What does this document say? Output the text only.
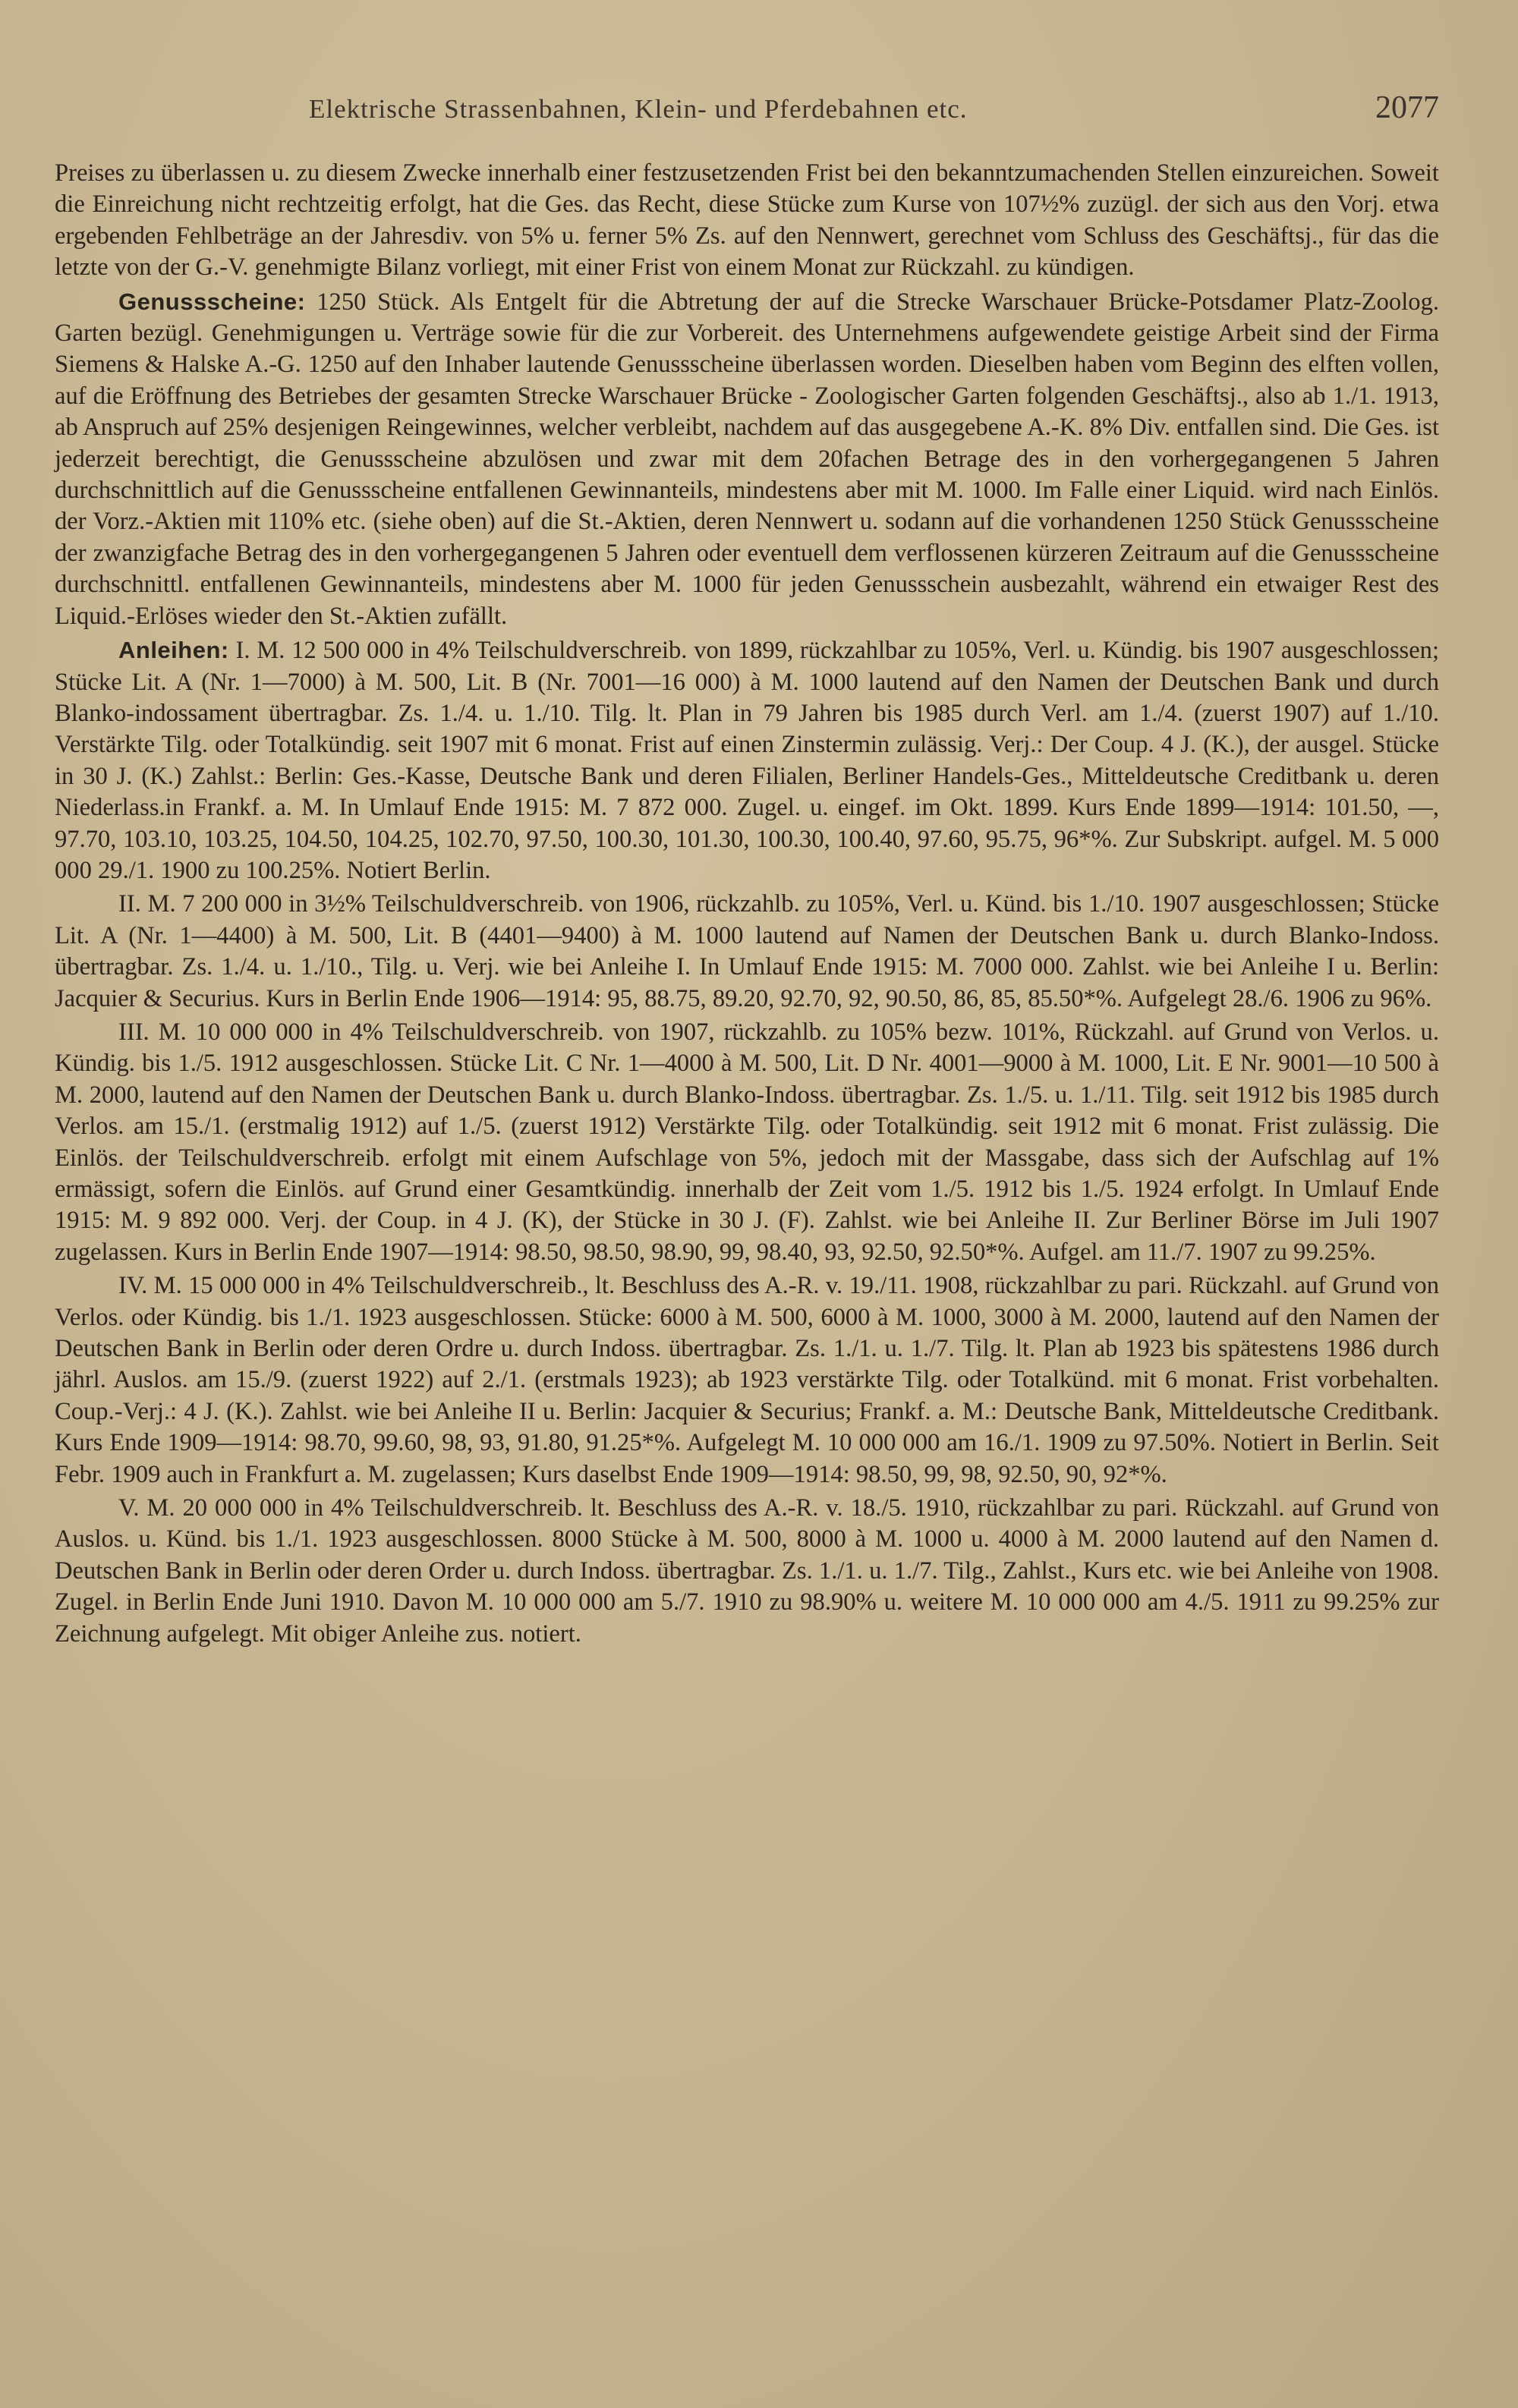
Elektrische Strassenbahnen, Klein- und Pferdebahnen etc.	2077

Preises zu überlassen u. zu diesem Zwecke innerhalb einer festzusetzenden Frist bei den bekanntzumachenden Stellen einzureichen. Soweit die Einreichung nicht rechtzeitig erfolgt, hat die Ges. das Recht, diese Stücke zum Kurse von 107½% zuzügl. der sich aus den Vorj. etwa ergebenden Fehlbeträge an der Jahresdiv. von 5% u. ferner 5% Zs. auf den Nennwert, gerechnet vom Schluss des Geschäftsj., für das die letzte von der G.-V. genehmigte Bilanz vorliegt, mit einer Frist von einem Monat zur Rückzahl. zu kündigen.

Genussscheine: 1250 Stück. Als Entgelt für die Abtretung der auf die Strecke Warschauer Brücke-Potsdamer Platz-Zoolog. Garten bezügl. Genehmigungen u. Verträge sowie für die zur Vorbereit. des Unternehmens aufgewendete geistige Arbeit sind der Firma Siemens & Halske A.-G. 1250 auf den Inhaber lautende Genussscheine überlassen worden. Dieselben haben vom Beginn des elften vollen, auf die Eröffnung des Betriebes der gesamten Strecke Warschauer Brücke - Zoologischer Garten folgenden Geschäftsj., also ab 1./1. 1913, ab Anspruch auf 25% desjenigen Reingewinnes, welcher verbleibt, nachdem auf das ausgegebene A.-K. 8% Div. entfallen sind. Die Ges. ist jederzeit berechtigt, die Genussscheine abzulösen und zwar mit dem 20fachen Betrage des in den vorhergegangenen 5 Jahren durchschnittlich auf die Genussscheine entfallenen Gewinnanteils, mindestens aber mit M. 1000. Im Falle einer Liquid. wird nach Einlös. der Vorz.-Aktien mit 110% etc. (siehe oben) auf die St.-Aktien, deren Nennwert u. sodann auf die vorhandenen 1250 Stück Genussscheine der zwanzigfache Betrag des in den vorhergegangenen 5 Jahren oder eventuell dem verflossenen kürzeren Zeitraum auf die Genussscheine durchschnittl. entfallenen Gewinnanteils, mindestens aber M. 1000 für jeden Genussschein ausbezahlt, während ein etwaiger Rest des Liquid.-Erlöses wieder den St.-Aktien zufällt.

Anleihen: I. M. 12 500 000 in 4% Teilschuldverschreib. von 1899, rückzahlbar zu 105%, Verl. u. Kündig. bis 1907 ausgeschlossen; Stücke Lit. A (Nr. 1—7000) à M. 500, Lit. B (Nr. 7001—16 000) à M. 1000 lautend auf den Namen der Deutschen Bank und durch Blanko-indossament übertragbar. Zs. 1./4. u. 1./10. Tilg. lt. Plan in 79 Jahren bis 1985 durch Verl. am 1./4. (zuerst 1907) auf 1./10. Verstärkte Tilg. oder Totalkündig. seit 1907 mit 6 monat. Frist auf einen Zinstermin zulässig. Verj.: Der Coup. 4 J. (K.), der ausgel. Stücke in 30 J. (K.) Zahlst.: Berlin: Ges.-Kasse, Deutsche Bank und deren Filialen, Berliner Handels-Ges., Mitteldeutsche Creditbank u. deren Niederlass.in Frankf. a. M. In Umlauf Ende 1915: M. 7 872 000. Zugel. u. eingef. im Okt. 1899. Kurs Ende 1899—1914: 101.50, —, 97.70, 103.10, 103.25, 104.50, 104.25, 102.70, 97.50, 100.30, 101.30, 100.30, 100.40, 97.60, 95.75, 96*%. Zur Subskript. aufgel. M. 5 000 000 29./1. 1900 zu 100.25%. Notiert Berlin.

II. M. 7 200 000 in 3½% Teilschuldverschreib. von 1906, rückzahlb. zu 105%, Verl. u. Künd. bis 1./10. 1907 ausgeschlossen; Stücke Lit. A (Nr. 1—4400) à M. 500, Lit. B (4401—9400) à M. 1000 lautend auf Namen der Deutschen Bank u. durch Blanko-Indoss. übertragbar. Zs. 1./4. u. 1./10., Tilg. u. Verj. wie bei Anleihe I. In Umlauf Ende 1915: M. 7000 000. Zahlst. wie bei Anleihe I u. Berlin: Jacquier & Securius. Kurs in Berlin Ende 1906—1914: 95, 88.75, 89.20, 92.70, 92, 90.50, 86, 85, 85.50*%. Aufgelegt 28./6. 1906 zu 96%.

III. M. 10 000 000 in 4% Teilschuldverschreib. von 1907, rückzahlb. zu 105% bezw. 101%, Rückzahl. auf Grund von Verlos. u. Kündig. bis 1./5. 1912 ausgeschlossen. Stücke Lit. C Nr. 1—4000 à M. 500, Lit. D Nr. 4001—9000 à M. 1000, Lit. E Nr. 9001—10 500 à M. 2000, lautend auf den Namen der Deutschen Bank u. durch Blanko-Indoss. übertragbar. Zs. 1./5. u. 1./11. Tilg. seit 1912 bis 1985 durch Verlos. am 15./1. (erstmalig 1912) auf 1./5. (zuerst 1912) Verstärkte Tilg. oder Totalkündig. seit 1912 mit 6 monat. Frist zulässig. Die Einlös. der Teilschuldverschreib. erfolgt mit einem Aufschlage von 5%, jedoch mit der Massgabe, dass sich der Aufschlag auf 1% ermässigt, sofern die Einlös. auf Grund einer Gesamtkündig. innerhalb der Zeit vom 1./5. 1912 bis 1./5. 1924 erfolgt. In Umlauf Ende 1915: M. 9 892 000. Verj. der Coup. in 4 J. (K), der Stücke in 30 J. (F). Zahlst. wie bei Anleihe II. Zur Berliner Börse im Juli 1907 zugelassen. Kurs in Berlin Ende 1907—1914: 98.50, 98.50, 98.90, 99, 98.40, 93, 92.50, 92.50*%. Aufgel. am 11./7. 1907 zu 99.25%.

IV. M. 15 000 000 in 4% Teilschuldverschreib., lt. Beschluss des A.-R. v. 19./11. 1908, rückzahlbar zu pari. Rückzahl. auf Grund von Verlos. oder Kündig. bis 1./1. 1923 ausgeschlossen. Stücke: 6000 à M. 500, 6000 à M. 1000, 3000 à M. 2000, lautend auf den Namen der Deutschen Bank in Berlin oder deren Ordre u. durch Indoss. übertragbar. Zs. 1./1. u. 1./7. Tilg. lt. Plan ab 1923 bis spätestens 1986 durch jährl. Auslos. am 15./9. (zuerst 1922) auf 2./1. (erstmals 1923); ab 1923 verstärkte Tilg. oder Totalkünd. mit 6 monat. Frist vorbehalten. Coup.-Verj.: 4 J. (K.). Zahlst. wie bei Anleihe II u. Berlin: Jacquier & Securius; Frankf. a. M.: Deutsche Bank, Mitteldeutsche Creditbank. Kurs Ende 1909—1914: 98.70, 99.60, 98, 93, 91.80, 91.25*%. Aufgelegt M. 10 000 000 am 16./1. 1909 zu 97.50%. Notiert in Berlin. Seit Febr. 1909 auch in Frankfurt a. M. zugelassen; Kurs daselbst Ende 1909—1914: 98.50, 99, 98, 92.50, 90, 92*%.

V. M. 20 000 000 in 4% Teilschuldverschreib. lt. Beschluss des A.-R. v. 18./5. 1910, rückzahlbar zu pari. Rückzahl. auf Grund von Auslos. u. Künd. bis 1./1. 1923 ausgeschlossen. 8000 Stücke à M. 500, 8000 à M. 1000 u. 4000 à M. 2000 lautend auf den Namen d. Deutschen Bank in Berlin oder deren Order u. durch Indoss. übertragbar. Zs. 1./1. u. 1./7. Tilg., Zahlst., Kurs etc. wie bei Anleihe von 1908. Zugel. in Berlin Ende Juni 1910. Davon M. 10 000 000 am 5./7. 1910 zu 98.90% u. weitere M. 10 000 000 am 4./5. 1911 zu 99.25% zur Zeichnung aufgelegt. Mit obiger Anleihe zus. notiert.
